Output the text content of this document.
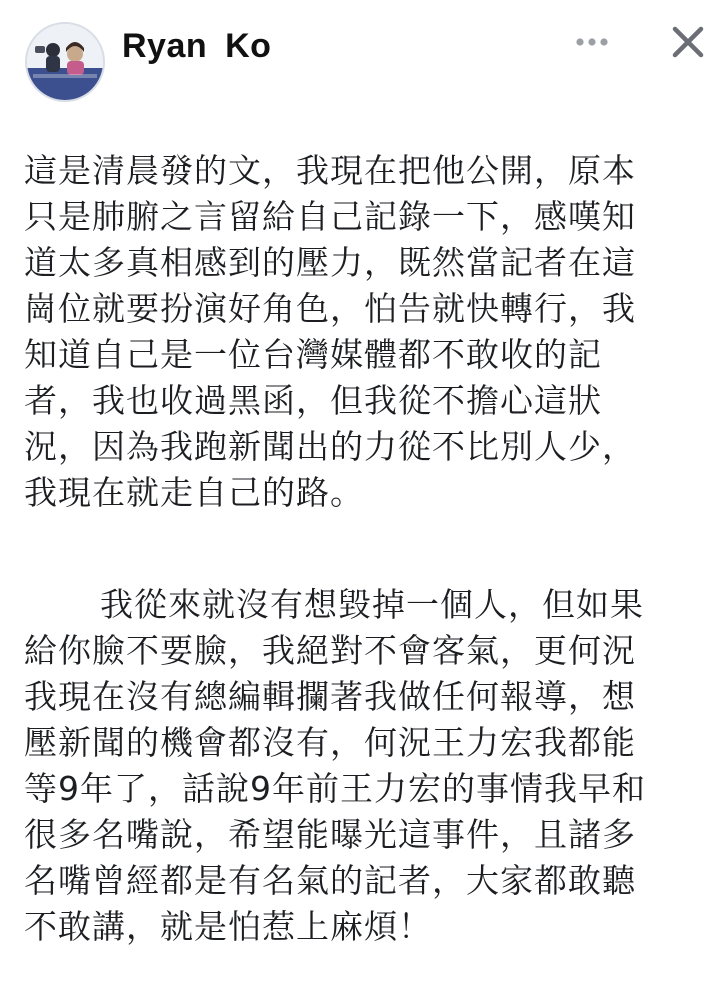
Ryan Ko
這是清晨發的文，我現在把他公開，原本
只是肺腑之言留給自己記錄一下，感嘆知
道太多真相感到的壓力，既然當記者在這
崗位就要扮演好角色，怕告就快轉行，我
知道自己是一位台灣媒體都不敢收的記
者，我也收過黑函，但我從不擔心這狀
況，因為我跑新聞出的力從不比別人少，
我現在就走自己的路。
我從來就沒有想毀掉一個人，但如果
給你臉不要臉，我絕對不會客氣，更何況
我現在沒有總編輯攔著我做任何報導，想
壓新聞的機會都沒有，何況王力宏我都能
等9年了，話說9年前王力宏的事情我早和
很多名嘴說，希望能曝光這事件，且諸多
名嘴曾經都是有名氣的記者，大家都敢聽
不敢講，就是怕惹上麻煩！
